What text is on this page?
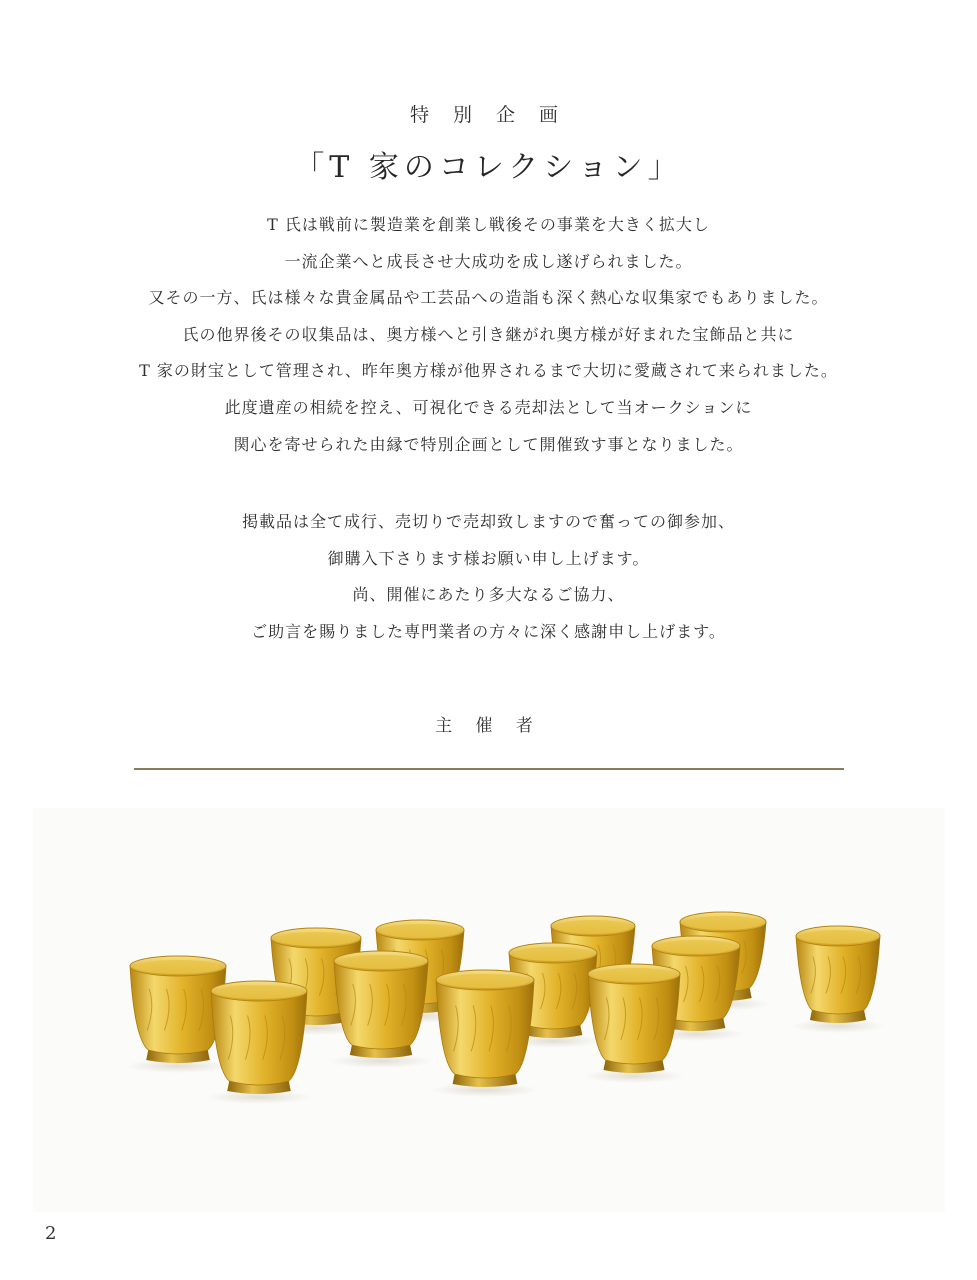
特 別 企 画
「T 家のコレクション」
T 氏は戦前に製造業を創業し戦後その事業を大きく拡大し
一流企業へと成長させ大成功を成し遂げられました。
又その一方、氏は様々な貴金属品や工芸品への造詣も深く熱心な収集家でもありました。
氏の他界後その収集品は、奥方様へと引き継がれ奥方様が好まれた宝飾品と共に
T 家の財宝として管理され、昨年奥方様が他界されるまで大切に愛蔵されて来られました。
此度遺産の相続を控え、可視化できる売却法として当オークションに
関心を寄せられた由縁で特別企画として開催致す事となりました。
掲載品は全て成行、売切りで売却致しますので奮っての御参加、
御購入下さります様お願い申し上げます。
尚、開催にあたり多大なるご協力、
ご助言を賜りました専門業者の方々に深く感謝申し上げます。
主 催 者
2
